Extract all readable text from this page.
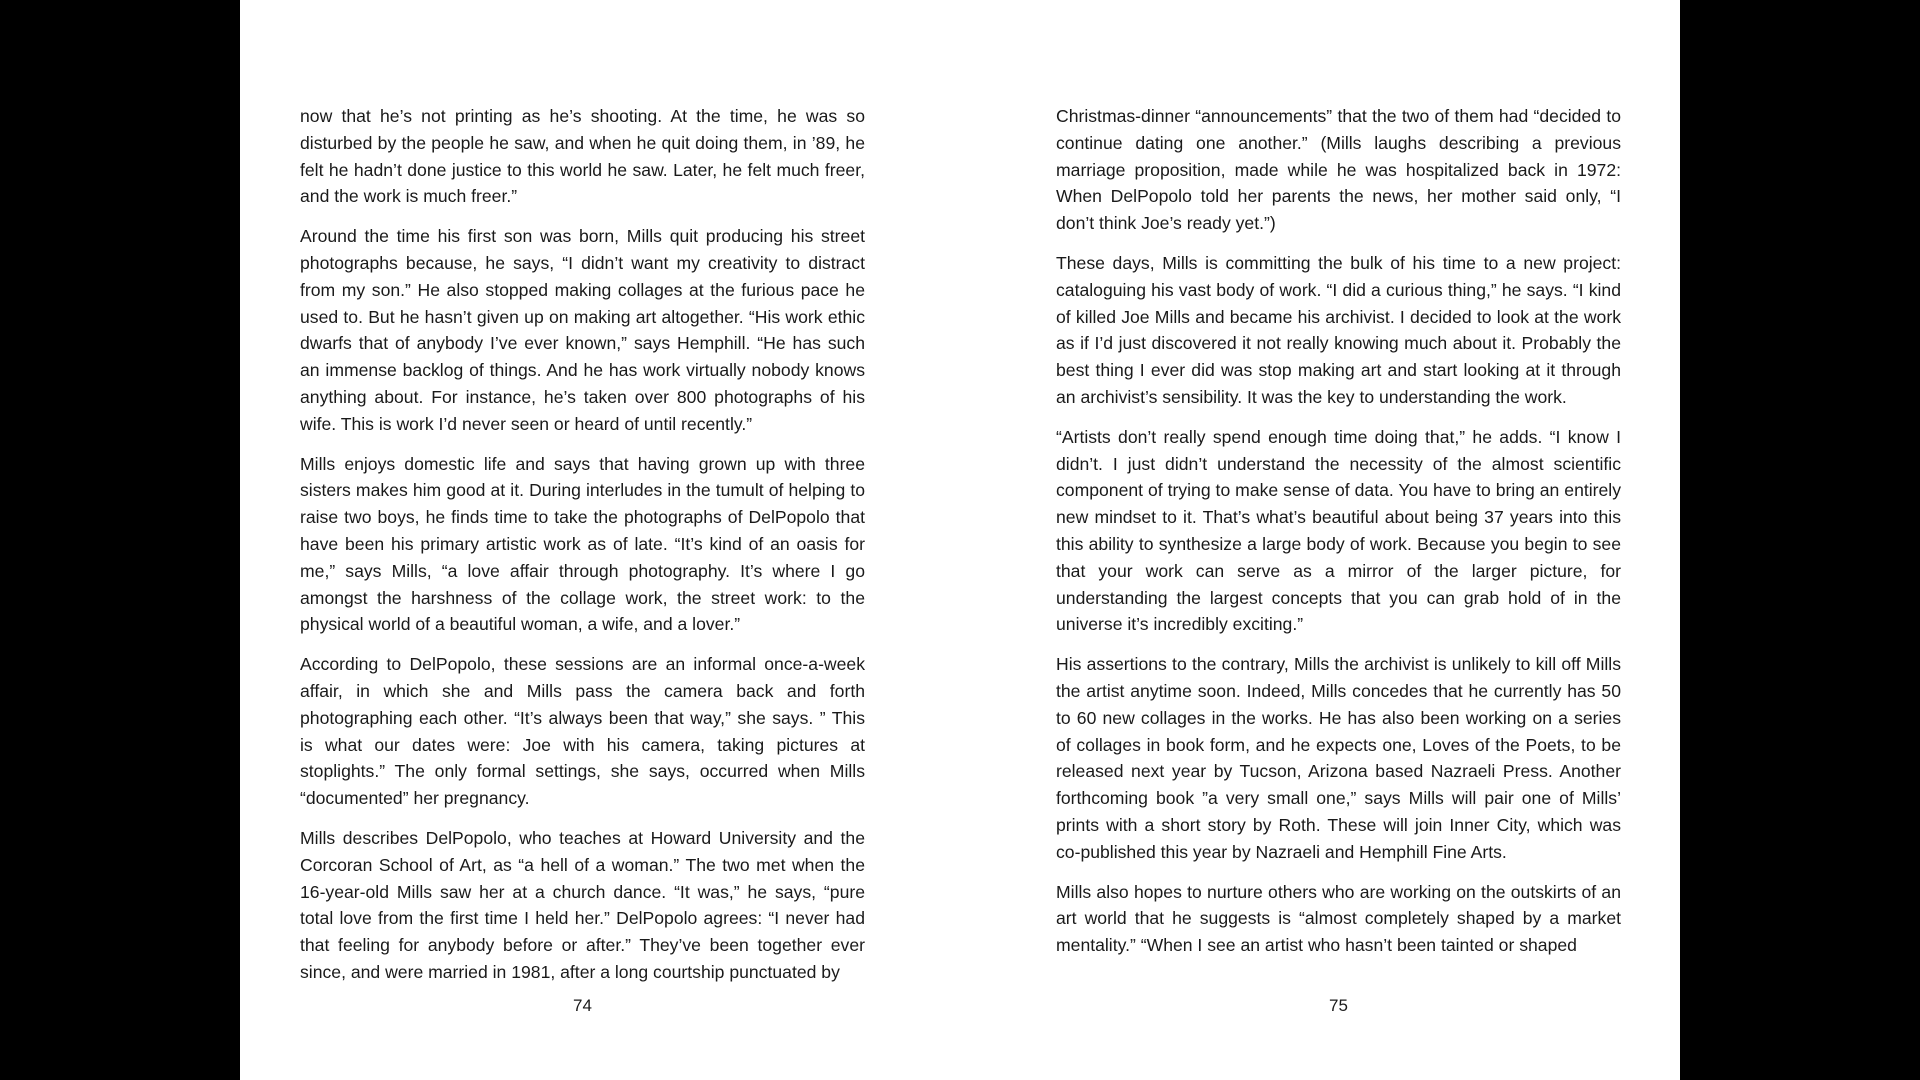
now that he’s not printing as he’s shooting. At the time, he was so disturbed by the people he saw, and when he quit doing them, in ’89, he felt he hadn’t done justice to this world he saw. Later, he felt much freer, and the work is much freer.”

Around the time his first son was born, Mills quit producing his street photographs because, he says, “I didn’t want my creativity to distract from my son.” He also stopped making collages at the furious pace he used to. But he hasn’t given up on making art altogether. “His work ethic dwarfs that of anybody I’ve ever known,” says Hemphill. “He has such an immense backlog of things. And he has work virtually nobody knows anything about. For instance, he’s taken over 800 photographs of his wife. This is work I’d never seen or heard of until recently.”

Mills enjoys domestic life and says that having grown up with three sisters makes him good at it. During interludes in the tumult of helping to raise two boys, he finds time to take the photographs of DelPopolo that have been his primary artistic work as of late. “It’s kind of an oasis for me,” says Mills, “a love affair through photography. It’s where I go amongst the harshness of the collage work, the street work: to the physical world of a beautiful woman, a wife, and a lover.”

According to DelPopolo, these sessions are an informal once-a-week affair, in which she and Mills pass the camera back and forth photographing each other. “It’s always been that way,” she says. ” This is what our dates were: Joe with his camera, taking pictures at stoplights.” The only formal settings, she says, occurred when Mills “documented” her pregnancy.

Mills describes DelPopolo, who teaches at Howard University and the Corcoran School of Art, as “a hell of a woman.” The two met when the 16-year-old Mills saw her at a church dance. “It was,” he says, “pure total love from the first time I held her.” DelPopolo agrees: “I never had that feeling for anybody before or after.” They’ve been together ever since, and were married in 1981, after a long courtship punctuated by

74

Christmas-dinner “announcements” that the two of them had “decided to continue dating one another.” (Mills laughs describing a previous marriage proposition, made while he was hospitalized back in 1972: When DelPopolo told her parents the news, her mother said only, “I don’t think Joe’s ready yet.”)

These days, Mills is committing the bulk of his time to a new project: cataloguing his vast body of work. “I did a curious thing,” he says. “I kind of killed Joe Mills and became his archivist. I decided to look at the work as if I’d just discovered it not really knowing much about it. Probably the best thing I ever did was stop making art and start looking at it through an archivist’s sensibility. It was the key to understanding the work.

“Artists don’t really spend enough time doing that,” he adds. “I know I didn’t. I just didn’t understand the necessity of the almost scientific component of trying to make sense of data. You have to bring an entirely new mindset to it. That’s what’s beautiful about being 37 years into this this ability to synthesize a large body of work. Because you begin to see that your work can serve as a mirror of the larger picture, for understanding the largest concepts that you can grab hold of in the universe it’s incredibly exciting.”

His assertions to the contrary, Mills the archivist is unlikely to kill off Mills the artist anytime soon. Indeed, Mills concedes that he currently has 50 to 60 new collages in the works. He has also been working on a series of collages in book form, and he expects one, Loves of the Poets, to be released next year by Tucson, Arizona based Nazraeli Press. Another forthcoming book ”a very small one,” says Mills will pair one of Mills’ prints with a short story by Roth. These will join Inner City, which was co-published this year by Nazraeli and Hemphill Fine Arts.

Mills also hopes to nurture others who are working on the outskirts of an art world that he suggests is “almost completely shaped by a market mentality.” “When I see an artist who hasn’t been tainted or shaped

75
